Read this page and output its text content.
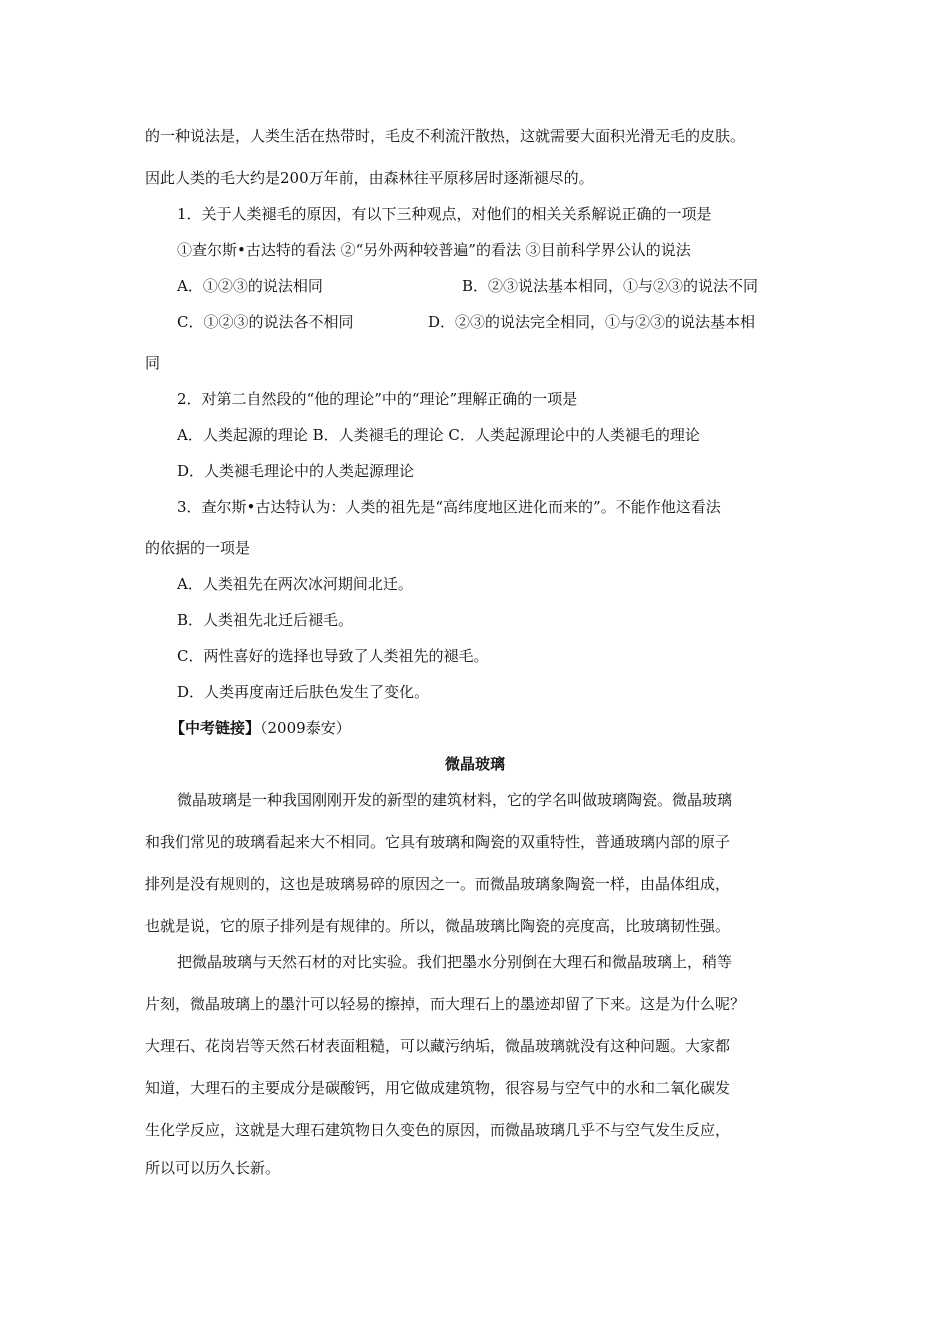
的一种说法是，人类生活在热带时，毛皮不利流汗散热，这就需要大面积光滑无毛的皮肤。
因此人类的毛大约是200万年前，由森林往平原移居时逐渐褪尽的。
1．关于人类褪毛的原因，有以下三种观点，对他们的相关关系解说正确的一项是
①查尔斯•古达特的看法 ②“另外两种较普遍”的看法 ③目前科学界公认的说法
A．①②③的说法相同	B．②③说法基本相同，①与②③的说法不同
C．①②③的说法各不相同	D．②③的说法完全相同，①与②③的说法基本相
同
2．对第二自然段的“他的理论”中的“理论”理解正确的一项是
A．人类起源的理论 B．人类褪毛的理论 C．人类起源理论中的人类褪毛的理论
D．人类褪毛理论中的人类起源理论
3．查尔斯•古达特认为：人类的祖先是“高纬度地区进化而来的”。不能作他这看法
的依据的一项是
A．人类祖先在两次冰河期间北迁。
B．人类祖先北迁后褪毛。
C．两性喜好的选择也导致了人类祖先的褪毛。
D．人类再度南迁后肤色发生了变化。
【中考链接】（2009泰安）
微晶玻璃
微晶玻璃是一种我国刚刚开发的新型的建筑材料，它的学名叫做玻璃陶瓷。微晶玻璃
和我们常见的玻璃看起来大不相同。它具有玻璃和陶瓷的双重特性，普通玻璃内部的原子
排列是没有规则的，这也是玻璃易碎的原因之一。而微晶玻璃象陶瓷一样，由晶体组成，
也就是说，它的原子排列是有规律的。所以，微晶玻璃比陶瓷的亮度高，比玻璃韧性强。
把微晶玻璃与天然石材的对比实验。我们把墨水分别倒在大理石和微晶玻璃上，稍等
片刻，微晶玻璃上的墨汁可以轻易的擦掉，而大理石上的墨迹却留了下来。这是为什么呢？
大理石、花岗岩等天然石材表面粗糙，可以藏污纳垢，微晶玻璃就没有这种问题。大家都
知道，大理石的主要成分是碳酸钙，用它做成建筑物，很容易与空气中的水和二氧化碳发
生化学反应，这就是大理石建筑物日久变色的原因，而微晶玻璃几乎不与空气发生反应，
所以可以历久长新。
